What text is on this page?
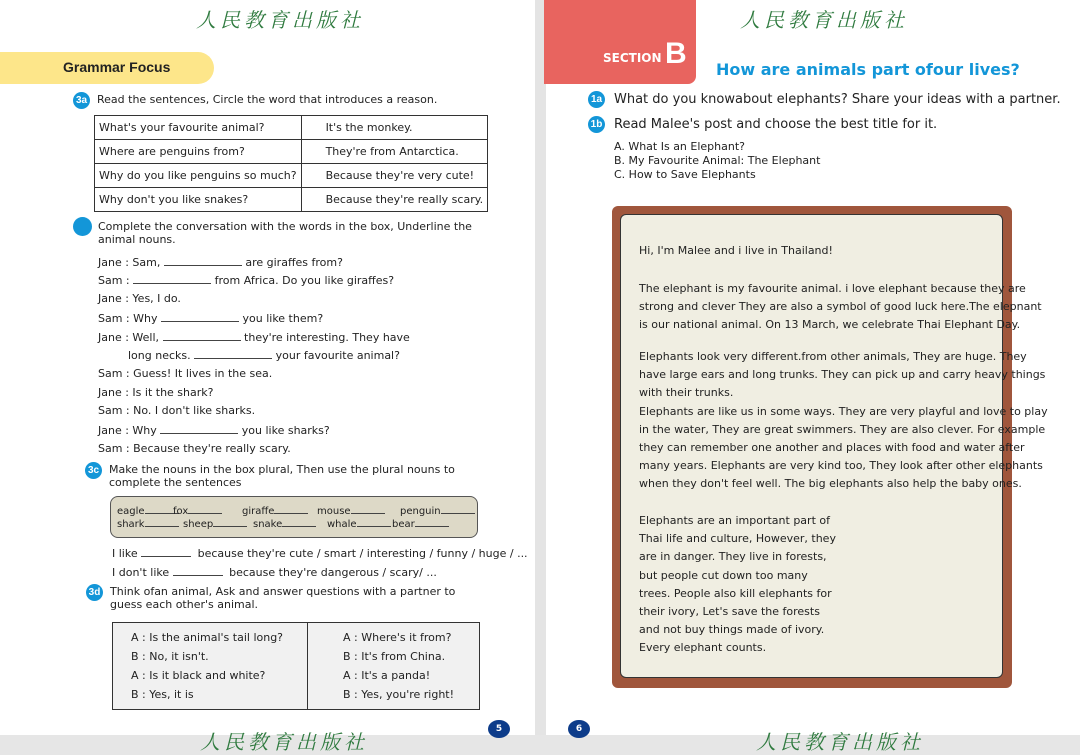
人民教育出版社
Grammar Focus
3a Read the sentences, Circle the word that introduces a reason.
What's your favourite animal?	It's the monkey.
Where are penguins from?	They're from Antarctica.
Why do you like penguins so much?	Because they're very cute!
Why don't you like snakes?	Because they're really scary.
Complete the conversation with the words in the box, Underline the animal nouns.
Jane : Sam,	are giraffes from?
Sam :	from Africa. Do you like giraffes?
Jane : Yes, I do.
Sam : Why	you like them?
Jane : Well,	they're interesting. They have
long necks.	your favourite animal?
Sam : Guess! It lives in the sea.
Jane : Is it the shark?
Sam : No. I don't like sharks.
Jane : Why	you like sharks?
Sam : Because they're really scary.
3c Make the nouns in the box plural, Then use the plural nouns to complete the sentences
eagle	fox	giraffe	mouse	penguin
shark	sheep	snake	whale	bear
I like	because they're cute / smart / interesting / funny / huge / ...
I don't like	because they're dangerous / scary/ ...
3d Think ofan animal, Ask and answer questions with a partner to guess each other's animal.
A : Is the animal's tail long?
B : No, it isn't.
A : Is it black and white?
B : Yes, it is
A : Where's it from?
B : It's from China.
A : It's a panda!
B : Yes, you're right!
人民教育出版社
5
SECTION B
人民教育出版社
How are animals part ofour lives?
1a What do you knowabout elephants? Share your ideas with a partner.
1b Read Malee's post and choose the best title for it.
A. What Is an Elephant?
B. My Favourite Animal: The Elephant
C. How to Save Elephants
6
人民教育出版社

Hi, I'm Malee and i live in Thailand!

The elephant is my favourite animal. i love elephant because they are
strong and clever They are also a symbol of good luck here.The elepnant
is our national animal. On 13 March, we celebrate Thai Elephant Day.

Elephants look very different.from other animals, They are huge. They
have large ears and long trunks. They can pick up and carry heavy things
with their trunks.
Elephants are like us in some ways. They are very playful and love to play
in the water, They are great swimmers. They are also clever. For example
they can remember one another and places with food and water after
many years. Elephants are very kind too, They look after other elephants
when they don't feel well. The big elephants also help the baby ones.

Elephants are an important part of
Thai life and culture, However, they
are in danger. They live in forests,
but people cut down too many
trees. People also kill elephants for
their ivory, Let's save the forests
and not buy things made of ivory.
Every elephant counts.
